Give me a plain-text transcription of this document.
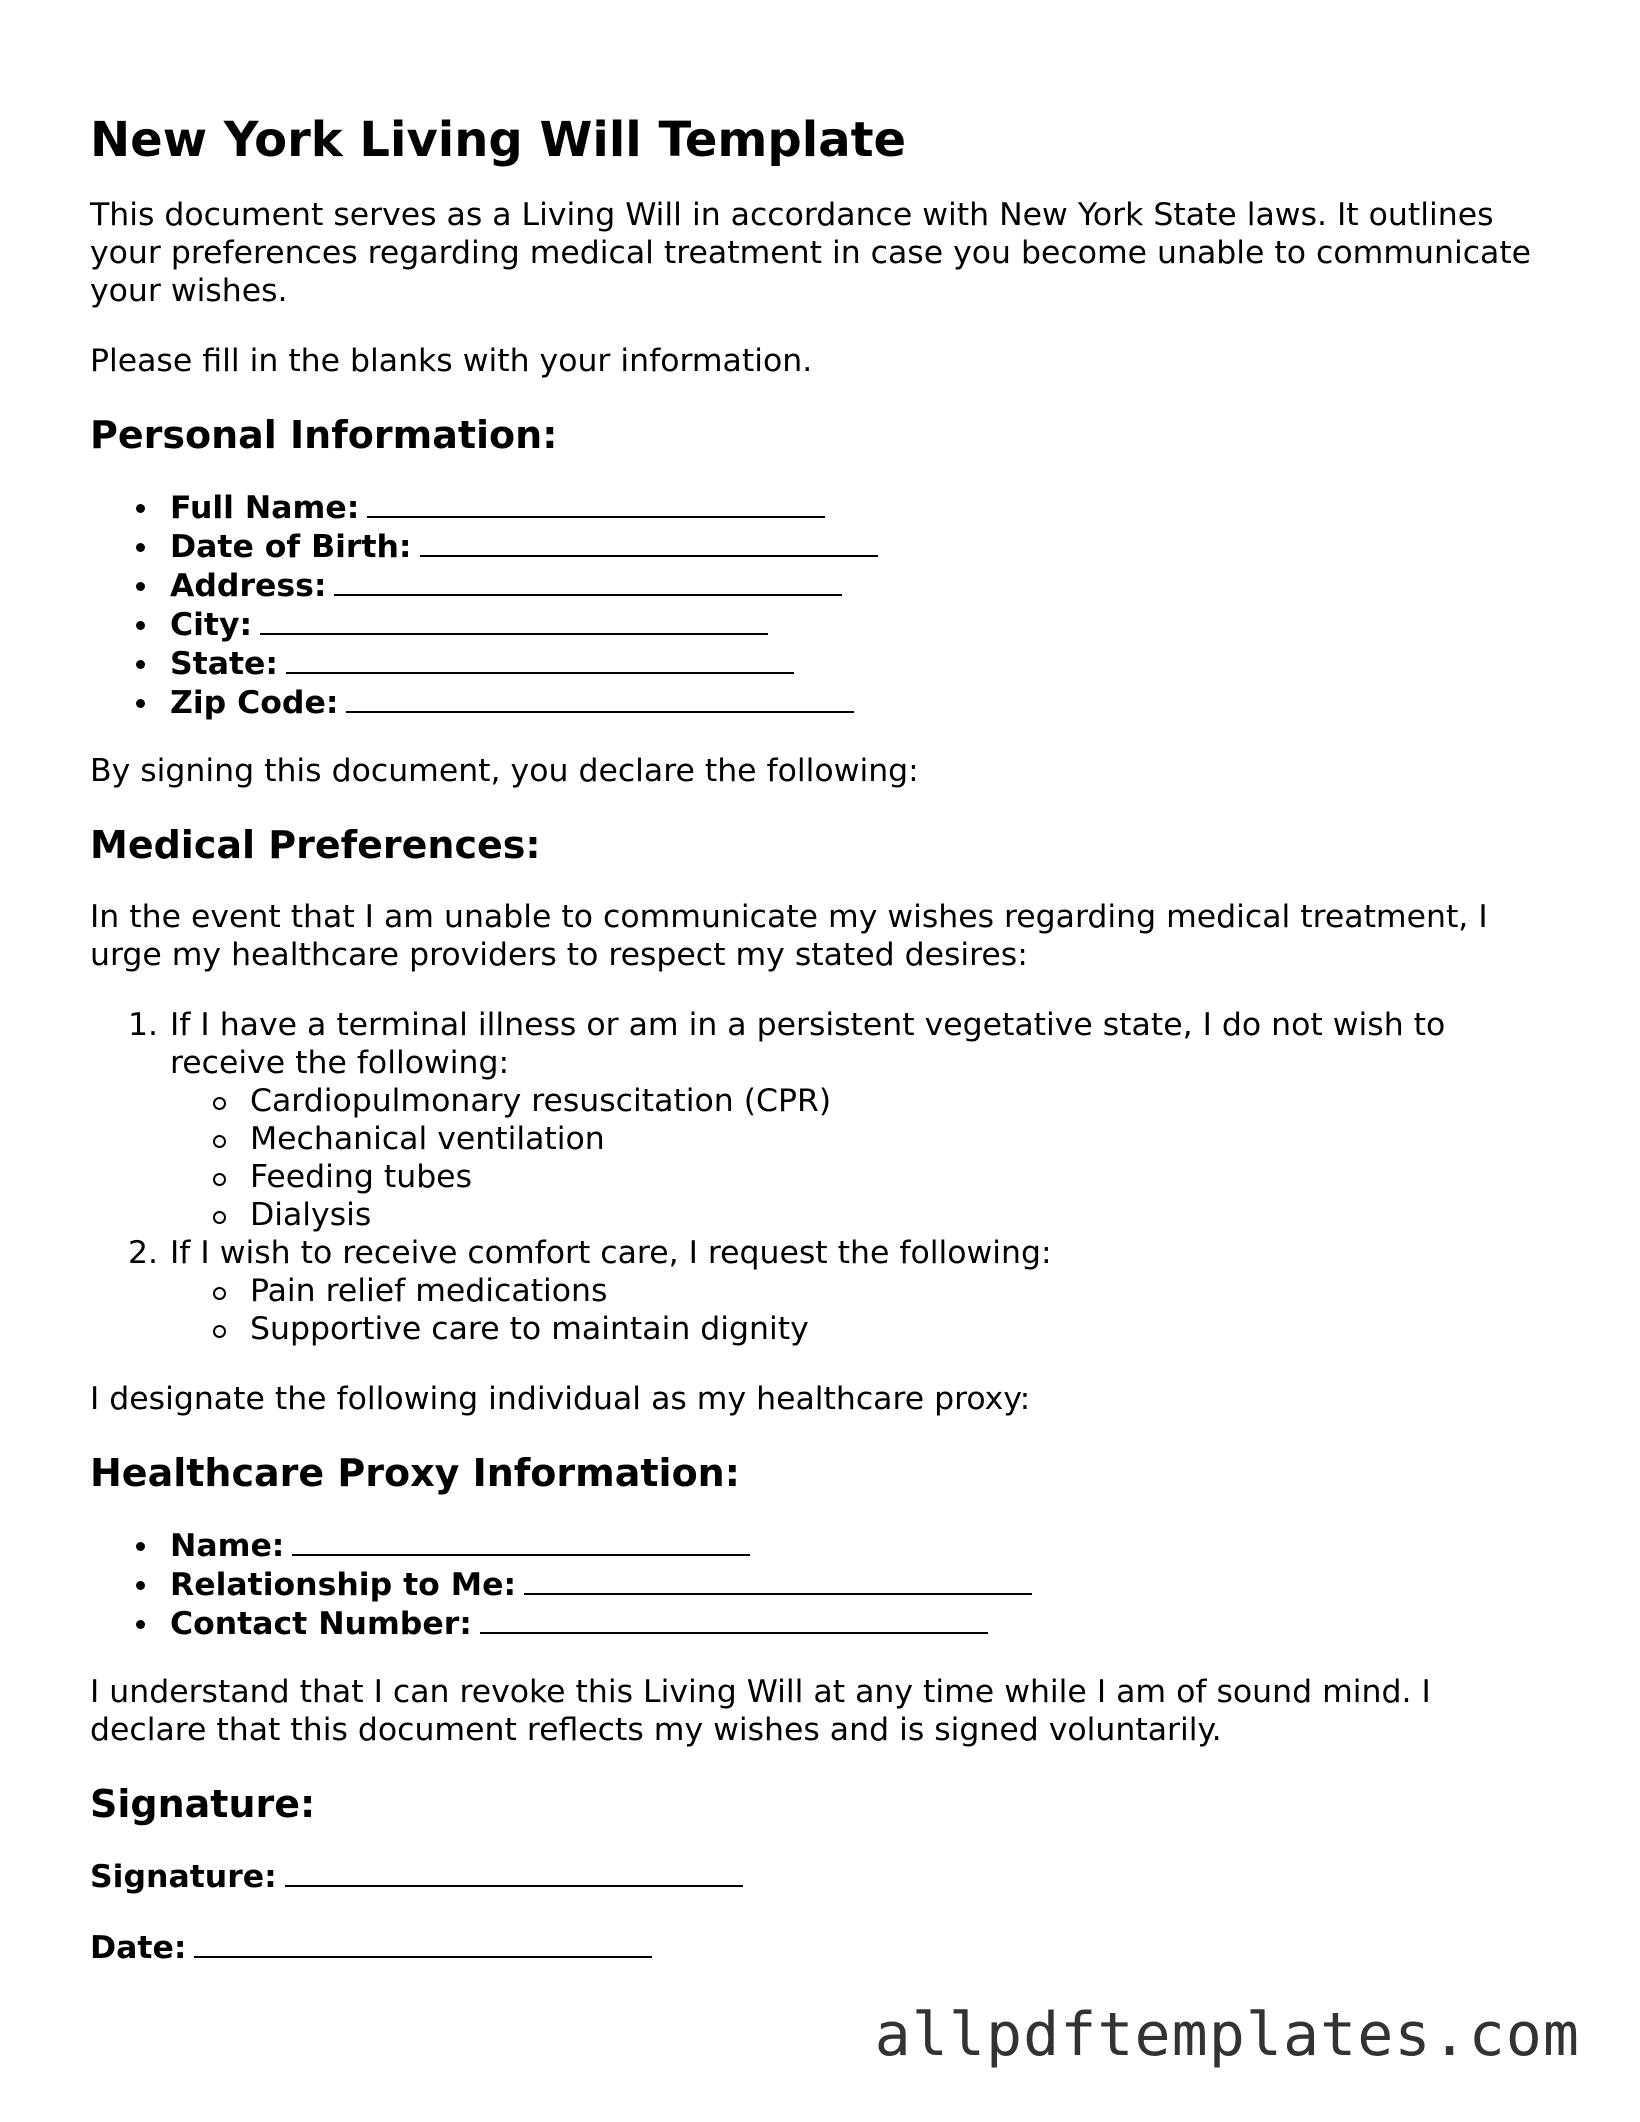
New York Living Will Template

This document serves as a Living Will in accordance with New York State laws. It outlines your preferences regarding medical treatment in case you become unable to communicate your wishes.

Please fill in the blanks with your information.

Personal Information:
Full Name:
Date of Birth:
Address:
City:
State:
Zip Code:

By signing this document, you declare the following:

Medical Preferences:

In the event that I am unable to communicate my wishes regarding medical treatment, I urge my healthcare providers to respect my stated desires:

1. If I have a terminal illness or am in a persistent vegetative state, I do not wish to receive the following:
Cardiopulmonary resuscitation (CPR)
Mechanical ventilation
Feeding tubes
Dialysis
2. If I wish to receive comfort care, I request the following:
Pain relief medications
Supportive care to maintain dignity

I designate the following individual as my healthcare proxy:

Healthcare Proxy Information:
Name:
Relationship to Me:
Contact Number:

I understand that I can revoke this Living Will at any time while I am of sound mind. I declare that this document reflects my wishes and is signed voluntarily.

Signature:

Signature:

Date:

allpdftemplates.com
